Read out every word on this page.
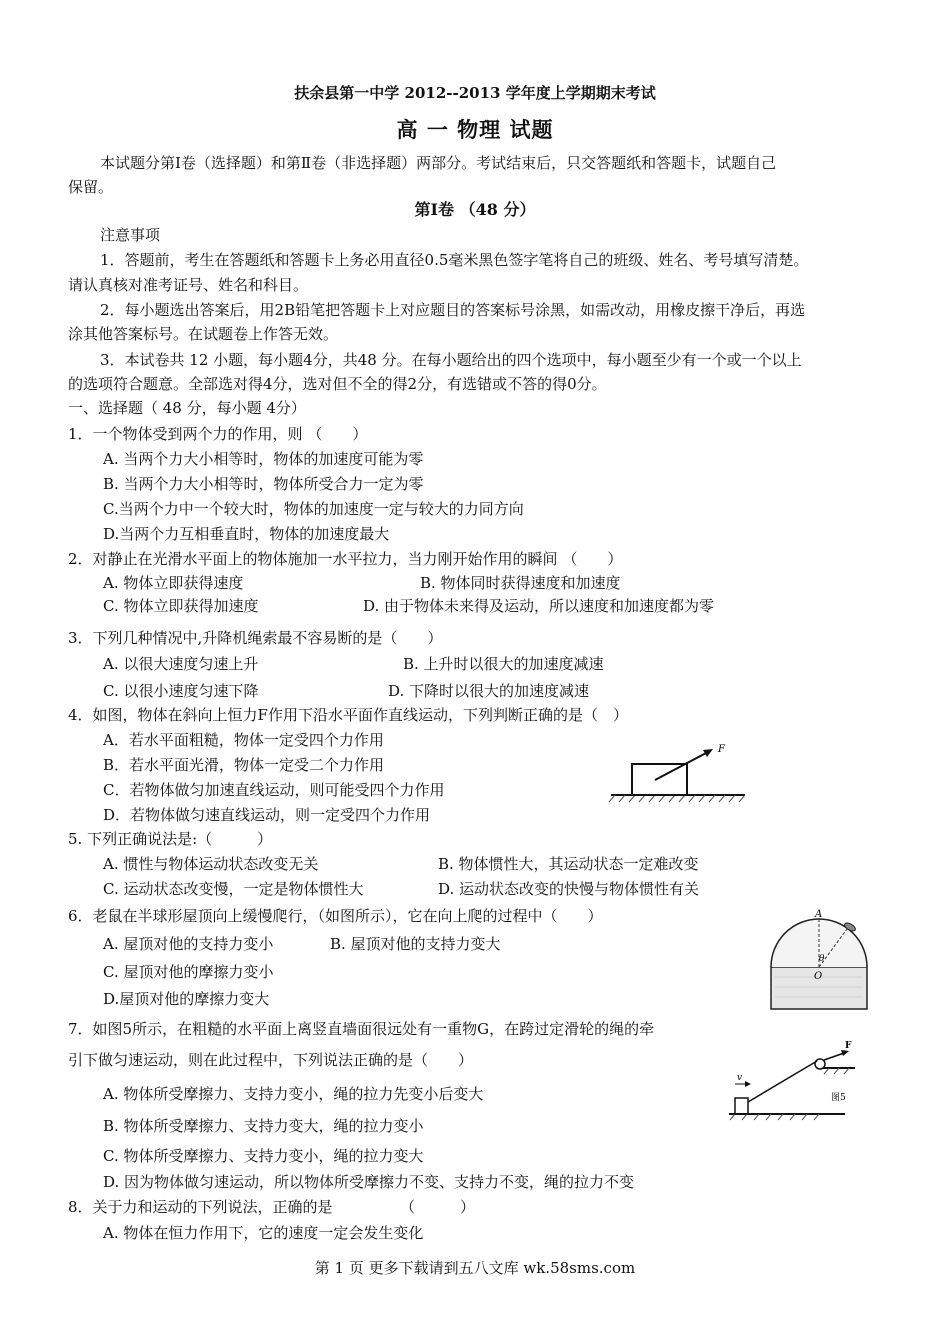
扶余县第一中学 2012--2013 学年度上学期期末考试
高 一 物理 试题
本试题分第Ⅰ卷（选择题）和第Ⅱ卷（非选择题）两部分。考试结束后，只交答题纸和答题卡，试题自己
保留。
第Ⅰ卷 （48 分）
注意事项
1．答题前，考生在答题纸和答题卡上务必用直径0.5毫米黑色签字笔将自己的班级、姓名、考号填写清楚。
请认真核对准考证号、姓名和科目。
2．每小题选出答案后，用2B铅笔把答题卡上对应题目的答案标号涂黑，如需改动，用橡皮擦干净后，再选
涂其他答案标号。在试题卷上作答无效。
3．本试卷共 12 小题，每小题4分，共48 分。在每小题给出的四个选项中，每小题至少有一个或一个以上
的选项符合题意。全部选对得4分，选对但不全的得2分，有选错或不答的得0分。
一、选择题（ 48 分，每小题 4分）
1．一个物体受到两个力的作用，则 （　　）
A. 当两个力大小相等时，物体的加速度可能为零
B. 当两个力大小相等时，物体所受合力一定为零
C.当两个力中一个较大时，物体的加速度一定与较大的力同方向
D.当两个力互相垂直时，物体的加速度最大
2．对静止在光滑水平面上的物体施加一水平拉力，当力刚开始作用的瞬间 （　　）
A. 物体立即获得速度	B. 物体同时获得速度和加速度
C. 物体立即获得加速度	D. 由于物体未来得及运动，所以速度和加速度都为零
3．下列几种情况中,升降机绳索最不容易断的是（　　）
A. 以很大速度匀速上升	B. 上升时以很大的加速度减速
C. 以很小速度匀速下降	D. 下降时以很大的加速度减速
4．如图，物体在斜向上恒力F作用下沿水平面作直线运动，下列判断正确的是（　）
A．若水平面粗糙，物体一定受四个力作用
B．若水平面光滑，物体一定受二个力作用
C．若物体做匀加速直线运动，则可能受四个力作用
D．若物体做匀速直线运动，则一定受四个力作用
F
5. 下列正确说法是:（　　　）
A. 惯性与物体运动状态改变无关	B. 物体惯性大，其运动状态一定难改变
C. 运动状态改变慢，一定是物体惯性大	D. 运动状态改变的快慢与物体惯性有关
6．老鼠在半球形屋顶向上缓慢爬行，（如图所示），它在向上爬的过程中（　　）
A. 屋顶对他的支持力变小	B. 屋顶对他的支持力变大
C. 屋顶对他的摩擦力变小
D.屋顶对他的摩擦力变大
A
θ
O
7．如图5所示，在粗糙的水平面上离竖直墙面很远处有一重物G，在跨过定滑轮的绳的牵
引下做匀速运动，则在此过程中，下列说法正确的是（　　）
A. 物体所受摩擦力、支持力变小，绳的拉力先变小后变大
B. 物体所受摩擦力、支持力变大，绳的拉力变小
C. 物体所受摩擦力、支持力变小，绳的拉力变大
D. 因为物体做匀速运动，所以物体所受摩擦力不变、支持力不变，绳的拉力不变
F
v
图5
8．关于力和运动的下列说法，正确的是　　　　　（　　　）
A. 物体在恒力作用下，它的速度一定会发生变化
第 1 页 更多下载请到五八文库 wk.58sms.com
